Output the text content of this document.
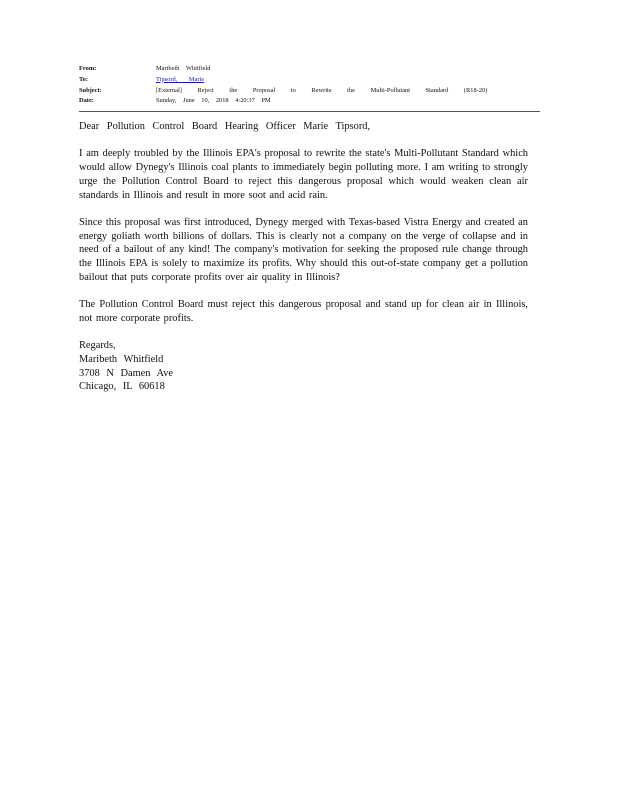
From:	Maribeth Whitfield
To:	Tipsord, Marie
Subject:	[External] Reject the Proposal to Rewrite the Multi-Pollutant Standard (R18-20)
Date:	Sunday, June 10, 2018 4:20:37 PM

Dear Pollution Control Board Hearing Officer Marie Tipsord,

I am deeply troubled by the Illinois EPA's proposal to rewrite the state's Multi-Pollutant Standard which would allow Dynegy's Illinois coal plants to immediately begin polluting more. I am writing to strongly urge the Pollution Control Board to reject this dangerous proposal which would weaken clean air standards in Illinois and result in more soot and acid rain.

Since this proposal was first introduced, Dynegy merged with Texas-based Vistra Energy and created an energy goliath worth billions of dollars. This is clearly not a company on the verge of collapse and in need of a bailout of any kind! The company's motivation for seeking the proposed rule change through the Illinois EPA is solely to maximize its profits. Why should this out-of-state company get a pollution bailout that puts corporate profits over air quality in Illinois?

The Pollution Control Board must reject this dangerous proposal and stand up for clean air in Illinois, not more corporate profits.

Regards,
Maribeth Whitfield
3708 N Damen Ave
Chicago, IL 60618
